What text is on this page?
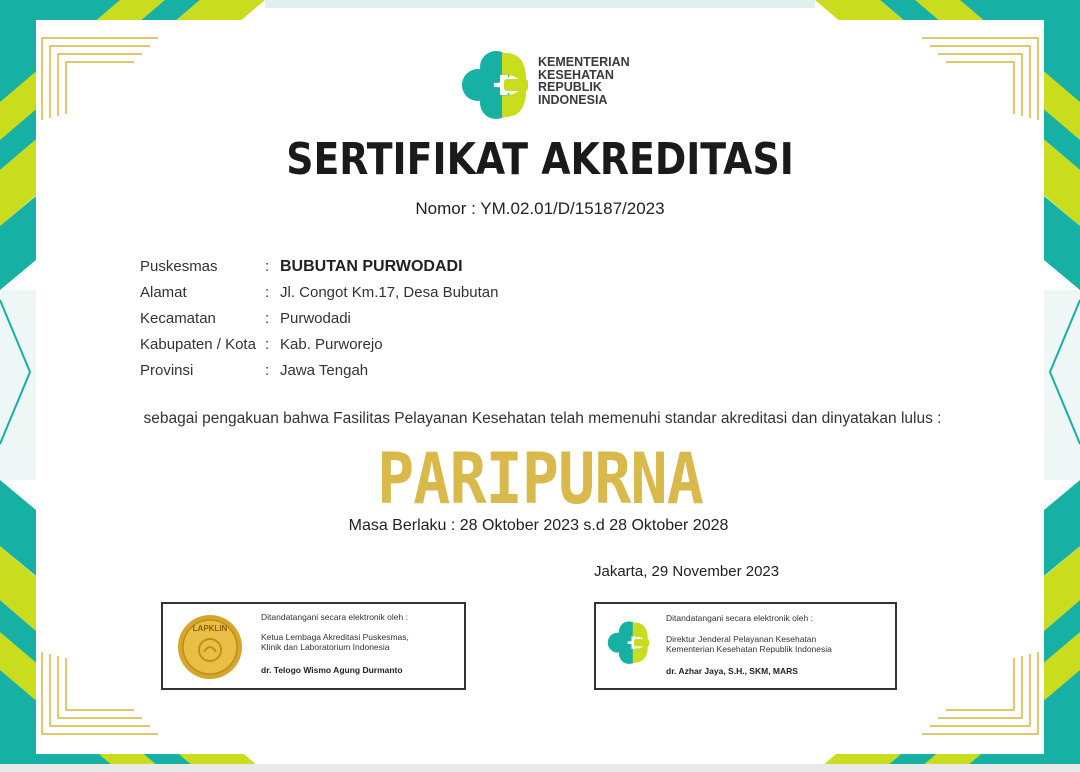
KEMENTERIAN
KESEHATAN
REPUBLIK
INDONESIA
SERTIFIKAT AKREDITASI
Nomor : YM.02.01/D/15187/2023
Puskesmas	: BUBUTAN PURWODADI
Alamat	: Jl. Congot Km.17, Desa Bubutan
Kecamatan	: Purwodadi
Kabupaten / Kota : Kab. Purworejo
Provinsi	: Jawa Tengah
sebagai pengakuan bahwa Fasilitas Pelayanan Kesehatan telah memenuhi standar akreditasi dan dinyatakan lulus :
PARIPURNA
Masa Berlaku : 28 Oktober 2023 s.d 28 Oktober 2028
Jakarta, 29 November 2023
LAPKLIN
Ditandatangani secara elektronik oleh :
Ketua Lembaga Akreditasi Puskesmas,
Klinik dan Laboratorium Indonesia
dr. Telogo Wismo Agung Durmanto
Ditandatangani secara elektronik oleh :
Direktur Jenderal Pelayanan Kesehatan
Kementerian Kesehatan Republik Indonesia
dr. Azhar Jaya, S.H., SKM, MARS
